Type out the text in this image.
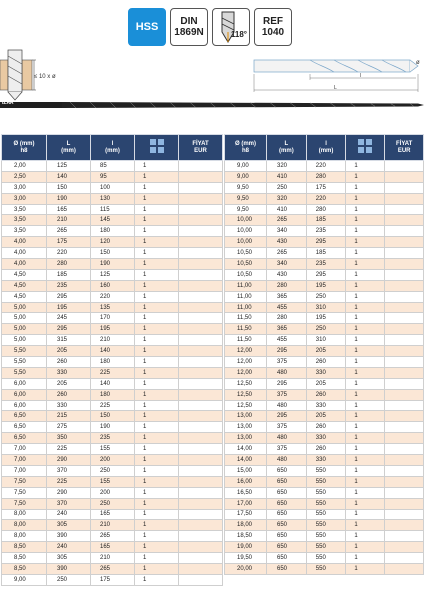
HSS DIN
1869N	118°
REF
1040
≤ 10 x ø
ø
l
L
IZAR
Ø (mm)
h8	L
(mm)	l
(mm)		FİYAT
EUR
2,00	125	85	1	
2,50	140	95	1	
3,00	150	100	1	
3,00	190	130	1	
3,50	165	115	1	
3,50	210	145	1	
3,50	265	180	1	
4,00	175	120	1	
4,00	220	150	1	
4,00	280	190	1	
4,50	185	125	1	
4,50	235	160	1	
4,50	295	220	1	
5,00	195	135	1	
5,00	245	170	1	
5,00	295	195	1	
5,00	315	210	1	
5,50	205	140	1	
5,50	260	180	1	
5,50	330	225	1	
6,00	205	140	1	
6,00	260	180	1	
6,00	330	225	1	
6,50	215	150	1	
6,50	275	190	1	
6,50	350	235	1	
7,00	225	155	1	
7,00	290	200	1	
7,00	370	250	1	
7,50	225	155	1	
7,50	290	200	1	
7,50	370	250	1	
8,00	240	165	1	
8,00	305	210	1	
8,00	390	265	1	
8,50	240	165	1	
8,50	305	210	1	
8,50	390	265	1	
9,00	250	175	1	
Ø (mm)
h8	L
(mm)	l
(mm)		FİYAT
EUR
9,00	320	220	1	
9,00	410	280	1	
9,50	250	175	1	
9,50	320	220	1	
9,50	410	280	1	
10,00	265	185	1	
10,00	340	235	1	
10,00	430	295	1	
10,50	265	185	1	
10,50	340	235	1	
10,50	430	295	1	
11,00	280	195	1	
11,00	365	250	1	
11,00	455	310	1	
11,50	280	195	1	
11,50	365	250	1	
11,50	455	310	1	
12,00	295	205	1	
12,00	375	260	1	
12,00	480	330	1	
12,50	295	205	1	
12,50	375	260	1	
12,50	480	330	1	
13,00	295	205	1	
13,00	375	260	1	
13,00	480	330	1	
14,00	375	260	1	
14,00	480	330	1	
15,00	650	550	1	
16,00	650	550	1	
16,50	650	550	1	
17,00	650	550	1	
17,50	650	550	1	
18,00	650	550	1	
18,50	650	550	1	
19,00	650	550	1	
19,50	650	550	1	
20,00	650	550	1	
